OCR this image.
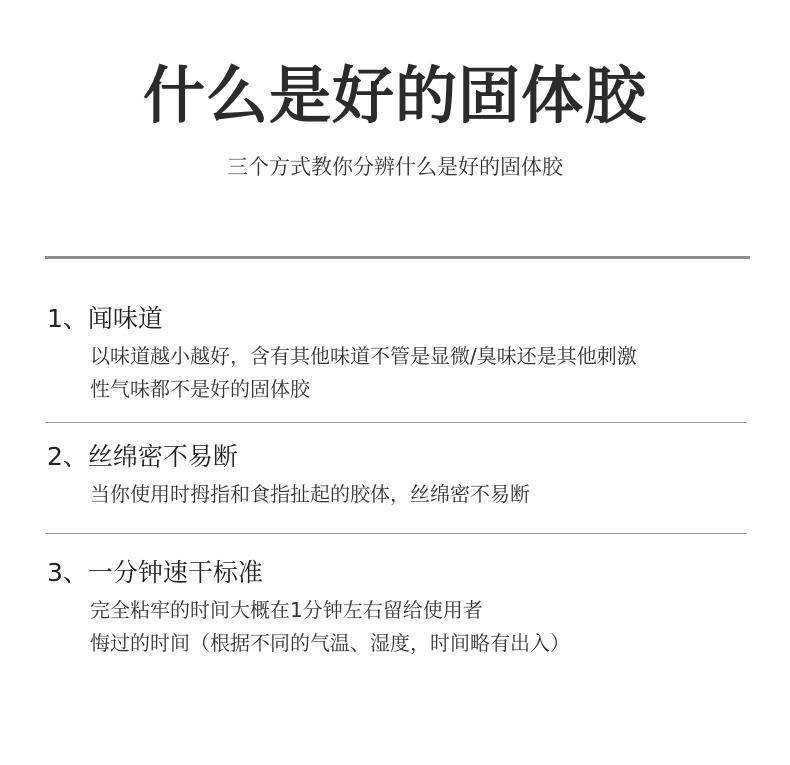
什么是好的固体胶
三个方式教你分辨什么是好的固体胶
1、闻味道
以味道越小越好，含有其他味道不管是显微/臭味还是其他刺激
性气味都不是好的固体胶
2、丝绵密不易断
当你使用时拇指和食指扯起的胶体，丝绵密不易断
3、一分钟速干标准
完全粘牢的时间大概在1分钟左右留给使用者
悔过的时间（根据不同的气温、湿度，时间略有出入）
